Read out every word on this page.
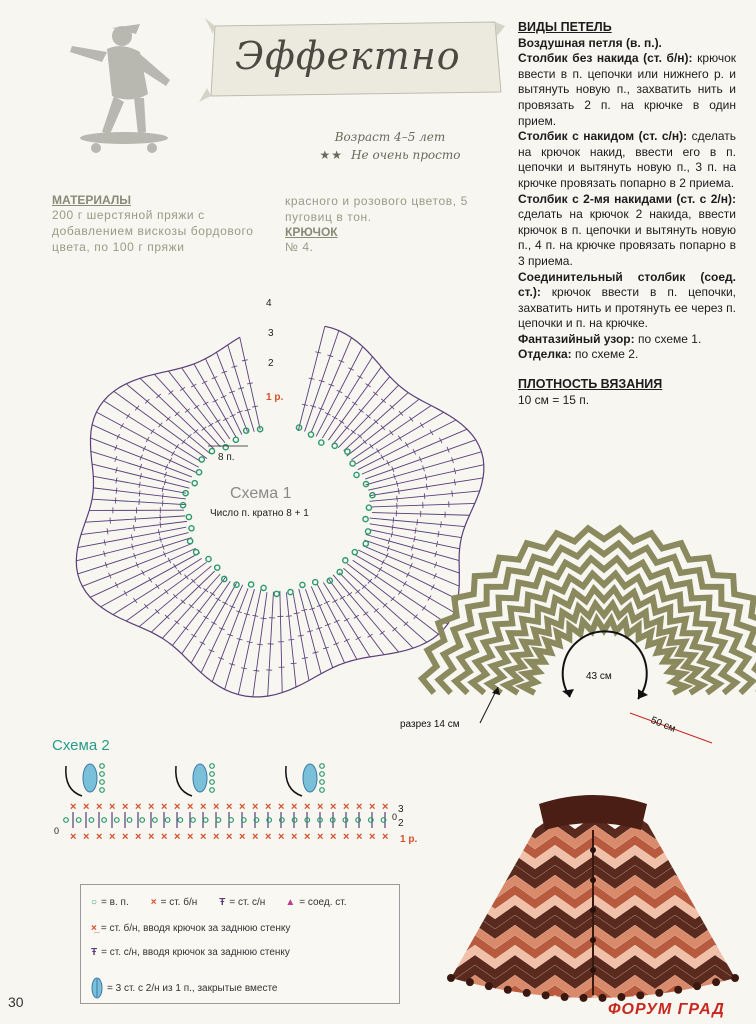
Эффектно
Возраст 4–5 лет
★★ Не очень просто
МАТЕРИАЛЫ
200 г шерстяной пряжи с добавлением вискозы бордового цвета, по 100 г пряжи
красного и розового цветов, 5 пуговиц в тон.
КРЮЧОК
№ 4.
ВИДЫ ПЕТЕЛЬ

Воздушная петля (в. п.).

Столбик без накида (ст. б/н): крючок ввести в п. цепочки или нижнего р. и вытянуть новую п., захватить нить и провязать 2 п. на крючке в один прием.

Столбик с накидом (ст. с/н): сделать на крючок накид, ввести его в п. цепочки и вытянуть новую п., 3 п. на крючке провязать попарно в 2 приема.

Столбик с 2-мя накидами (ст. с 2/н): сделать на крючок 2 накида, ввести крючок в п. цепочки и вытянуть новую п., 4 п. на крючке провязать попарно в 3 приема.

Соединительный столбик (соед. ст.): крючок ввести в п. цепочки, захватить нить и протянуть ее через п. цепочки и п. на крючке.

Фантазийный узор: по схеме 1.

Отделка: по схеме 2.

ПЛОТНОСТЬ ВЯЗАНИЯ

10 см = 15 п.

Схема 1
Число п. кратно 8 + 1
8 п.
4
3
2
1 р.
43 см
50 см
разрез 14 см
Схема 2
×
×
×
×
×
×
×
×
×
×
×
×
×
×
×
×
×
×
×
×
×
×
×
×
×
×
×
×
×
×
×
×
×
×
×
×
×
×
×
×
×
×
×
×
×
×
×
×
×
×
3
2
1 р.
0
0
○ = в. п. × = ст. б/н Ŧ = ст. с/н ▲ = соед. ст.
×̲ = ст. б/н, вводя крючок за заднюю стенку
Ŧ = ст. с/н, вводя крючок за заднюю стенку
= 3 ст. с 2/н из 1 п., закрытые вместе
30	ФОРУМ ГРАД
